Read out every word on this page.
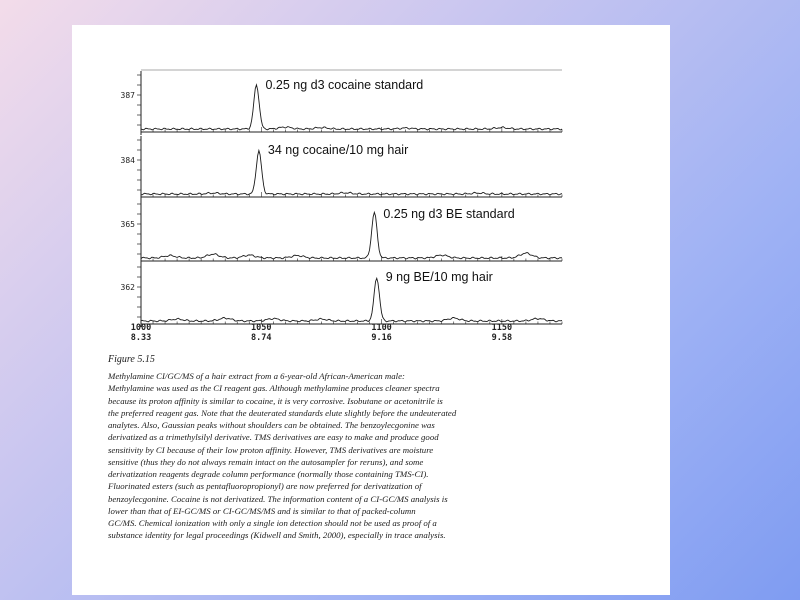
387
0.25 ng d3 cocaine standard
384
34 ng cocaine/10 mg hair
365
0.25 ng d3 BE standard
362
9 ng BE/10 mg hair
1000
8.33
1050
8.74
1100
9.16
1150
9.58

Figure 5.15

Methylamine CI/GC/MS of a hair extract from a 6-year-old African-American male:
Methylamine was used as the CI reagent gas. Although methylamine produces cleaner spectra
because its proton affinity is similar to cocaine, it is very corrosive. Isobutane or acetonitrile is
the preferred reagent gas. Note that the deuterated standards elute slightly before the undeuterated
analytes. Also, Gaussian peaks without shoulders can be obtained. The benzoylecgonine was
derivatized as a trimethylsilyl derivative. TMS derivatives are easy to make and produce good
sensitivity by CI because of their low proton affinity. However, TMS derivatives are moisture
sensitive (thus they do not always remain intact on the autosampler for reruns), and some
derivatization reagents degrade column performance (normally those containing TMS-CI).
Fluorinated esters (such as pentafluoropropionyl) are now preferred for derivatization of
benzoylecgonine. Cocaine is not derivatized. The information content of a CI-GC/MS analysis is
lower than that of EI-GC/MS or CI-GC/MS/MS and is similar to that of packed-column
GC/MS. Chemical ionization with only a single ion detection should not be used as proof of a
substance identity for legal proceedings (Kidwell and Smith, 2000), especially in trace analysis.
